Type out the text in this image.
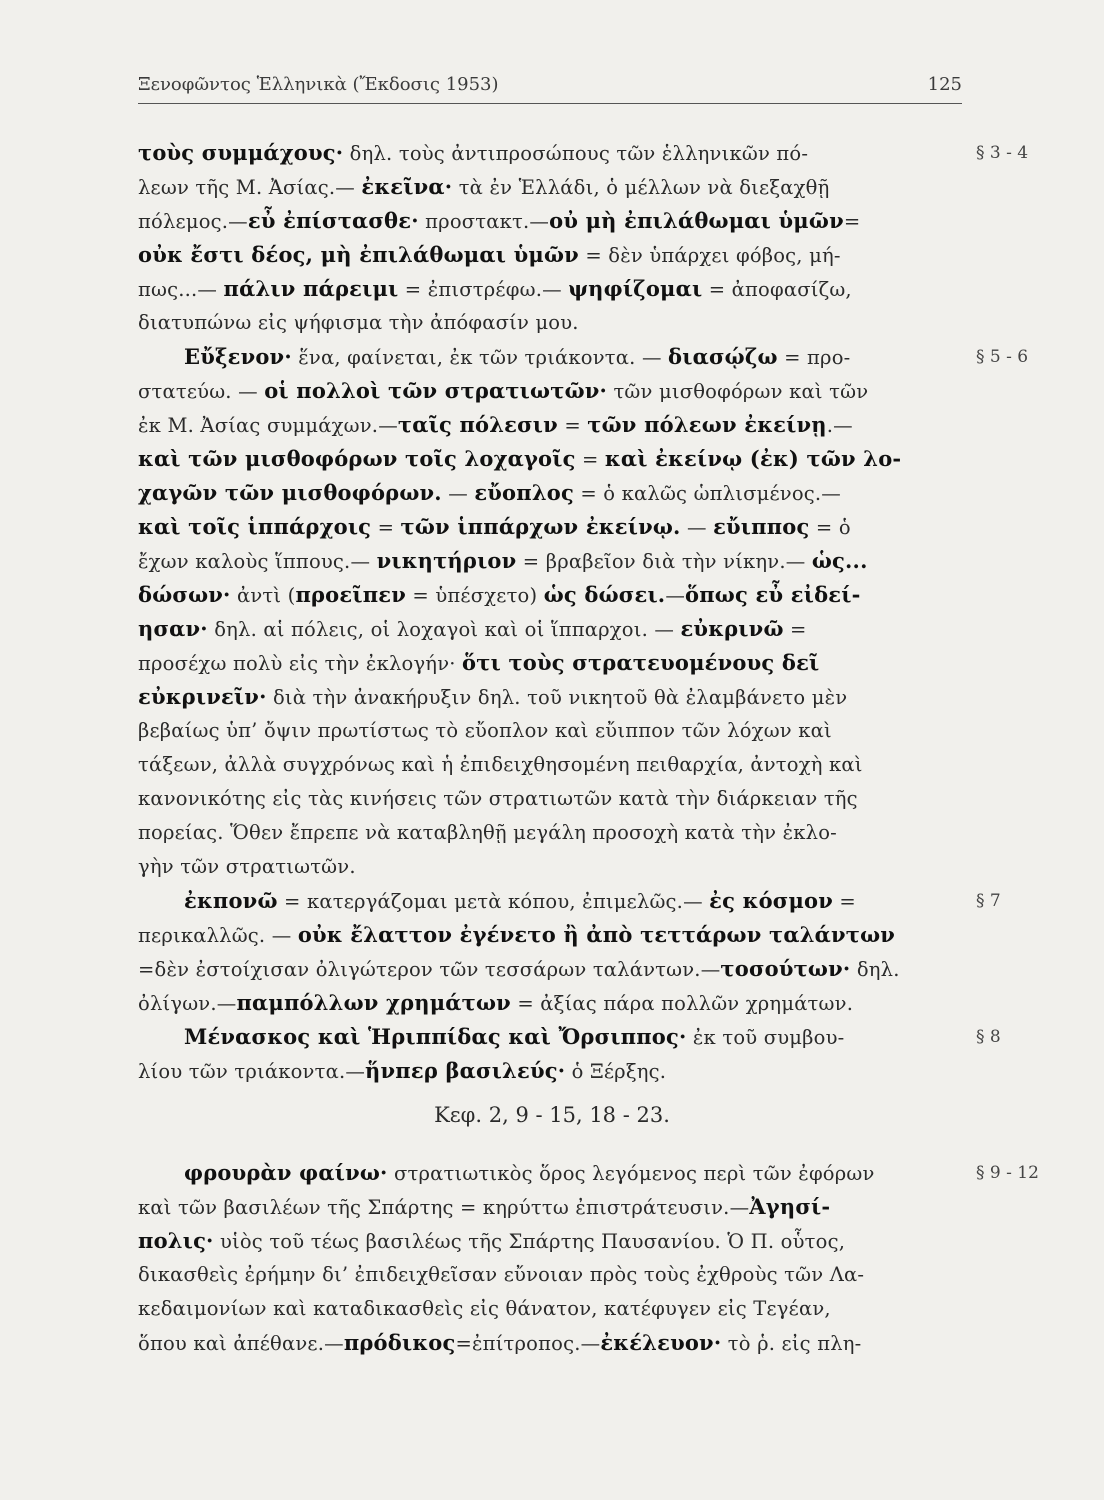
Ξενοφῶντος Ἑλληνικὰ (Ἔκδοσις 1953)	125
τοὺς συμμάχους· δηλ. τοὺς ἀντιπροσώπους τῶν ἑλληνικῶν πό-
λεων τῆς Μ. Ἀσίας.— ἐκεῖνα· τὰ ἐν Ἑλλάδι, ὁ μέλλων νὰ διεξαχθῇ
πόλεμος.—εὖ ἐπίστασθε· προστακτ.—οὐ μὴ ἐπιλάθωμαι ὑμῶν=
οὐκ ἔστι δέος, μὴ ἐπιλάθωμαι ὑμῶν = δὲν ὑπάρχει φόβος, μή-
πως...— πάλιν πάρειμι = ἐπιστρέφω.— ψηφίζομαι = ἀποφασίζω,
διατυπώνω εἰς ψήφισμα τὴν ἀπόφασίν μου.
Εὔξενον· ἕνα, φαίνεται, ἐκ τῶν τριάκοντα. — διασῴζω = προ-
στατεύω. — οἱ πολλοὶ τῶν στρατιωτῶν· τῶν μισθοφόρων καὶ τῶν
ἐκ Μ. Ἀσίας συμμάχων.—ταῖς πόλεσιν = τῶν πόλεων ἐκείνῃ.—
καὶ τῶν μισθοφόρων τοῖς λοχαγοῖς = καὶ ἐκείνῳ (ἐκ) τῶν λο-
χαγῶν τῶν μισθοφόρων. — εὔοπλος = ὁ καλῶς ὡπλισμένος.—
καὶ τοῖς ἱππάρχοις = τῶν ἱππάρχων ἐκείνῳ. — εὔιππος = ὁ
ἔχων καλοὺς ἵππους.— νικητήριον = βραβεῖον διὰ τὴν νίκην.— ὡς...
δώσων· ἀντὶ (προεῖπεν = ὑπέσχετο) ὡς δώσει.—ὅπως εὖ εἰδεί-
ησαν· δηλ. αἱ πόλεις, οἱ λοχαγοὶ καὶ οἱ ἵππαρχοι. — εὐκρινῶ =
προσέχω πολὺ εἰς τὴν ἐκλογήν· ὅτι τοὺς στρατευομένους δεῖ
εὐκρινεῖν· διὰ τὴν ἀνακήρυξιν δηλ. τοῦ νικητοῦ θὰ ἐλαμβάνετο μὲν
βεβαίως ὑπ’ ὄψιν πρωτίστως τὸ εὔοπλον καὶ εὔιππον τῶν λόχων καὶ
τάξεων, ἀλλὰ συγχρόνως καὶ ἡ ἐπιδειχθησομένη πειθαρχία, ἀντοχὴ καὶ
κανονικότης εἰς τὰς κινήσεις τῶν στρατιωτῶν κατὰ τὴν διάρκειαν τῆς
πορείας. Ὅθεν ἔπρεπε νὰ καταβληθῇ μεγάλη προσοχὴ κατὰ τὴν ἐκλο-
γὴν τῶν στρατιωτῶν.
ἐκπονῶ = κατεργάζομαι μετὰ κόπου, ἐπιμελῶς.— ἐς κόσμον =
περικαλλῶς. — οὐκ ἔλαττον ἐγένετο ἢ ἀπὸ τεττάρων ταλάντων
=δὲν ἐστοίχισαν ὀλιγώτερον τῶν τεσσάρων ταλάντων.—τοσούτων· δηλ.
ὀλίγων.—παμπόλλων χρημάτων = ἀξίας πάρα πολλῶν χρημάτων.
Μένασκος καὶ Ἡριππίδας καὶ Ὄρσιππος· ἐκ τοῦ συμβου-
λίου τῶν τριάκοντα.—ἥνπερ βασιλεύς· ὁ Ξέρξης.
φρουρὰν φαίνω· στρατιωτικὸς ὅρος λεγόμενος περὶ τῶν ἐφόρων
καὶ τῶν βασιλέων τῆς Σπάρτης = κηρύττω ἐπιστράτευσιν.—Ἀγησί-
πολις· υἱὸς τοῦ τέως βασιλέως τῆς Σπάρτης Παυσανίου. Ὁ Π. οὗτος,
δικασθεὶς ἐρήμην δι’ ἐπιδειχθεῖσαν εὔνοιαν πρὸς τοὺς ἐχθροὺς τῶν Λα-
κεδαιμονίων καὶ καταδικασθεὶς εἰς θάνατον, κατέφυγεν εἰς Τεγέαν,
ὅπου καὶ ἀπέθανε.—πρόδικος=ἐπίτροπος.—ἐκέλευον· τὸ ῥ. εἰς πλη-
§ 3 - 4
§ 5 - 6
§ 7
§ 8
§ 9 - 12
Κεφ. 2, 9 - 15, 18 - 23.
